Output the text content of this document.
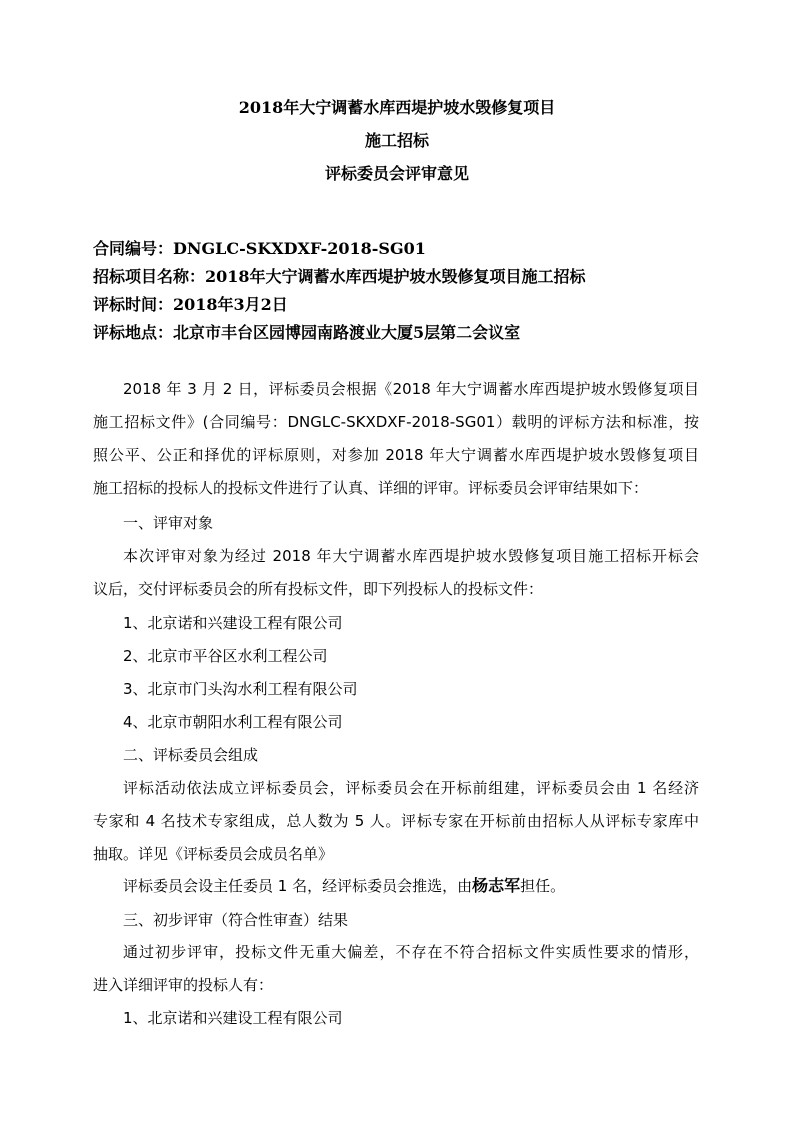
2018年大宁调蓄水库西堤护坡水毁修复项目
施工招标
评标委员会评审意见
合同编号：DNGLC-SKXDXF-2018-SG01
招标项目名称：2018年大宁调蓄水库西堤护坡水毁修复项目施工招标
评标时间：2018年3月2日
评标地点：北京市丰台区园博园南路渡业大厦5层第二会议室
2018 年 3 月 2 日，评标委员会根据《2018 年大宁调蓄水库西堤护坡水毁修复项目
施工招标文件》(合同编号：DNGLC-SKXDXF-2018-SG01）载明的评标方法和标准，按
照公平、公正和择优的评标原则，对参加 2018 年大宁调蓄水库西堤护坡水毁修复项目
施工招标的投标人的投标文件进行了认真、详细的评审。评标委员会评审结果如下：
一、评审对象
本次评审对象为经过 2018 年大宁调蓄水库西堤护坡水毁修复项目施工招标开标会
议后，交付评标委员会的所有投标文件，即下列投标人的投标文件：
1、北京诺和兴建设工程有限公司
2、北京市平谷区水利工程公司
3、北京市门头沟水利工程有限公司
4、北京市朝阳水利工程有限公司
二、评标委员会组成
评标活动依法成立评标委员会，评标委员会在开标前组建，评标委员会由 1 名经济
专家和 4 名技术专家组成，总人数为 5 人。评标专家在开标前由招标人从评标专家库中
抽取。详见《评标委员会成员名单》
评标委员会设主任委员 1 名，经评标委员会推选，由杨志军担任。
三、初步评审（符合性审查）结果
通过初步评审，投标文件无重大偏差，不存在不符合招标文件实质性要求的情形，
进入详细评审的投标人有：
1、北京诺和兴建设工程有限公司
